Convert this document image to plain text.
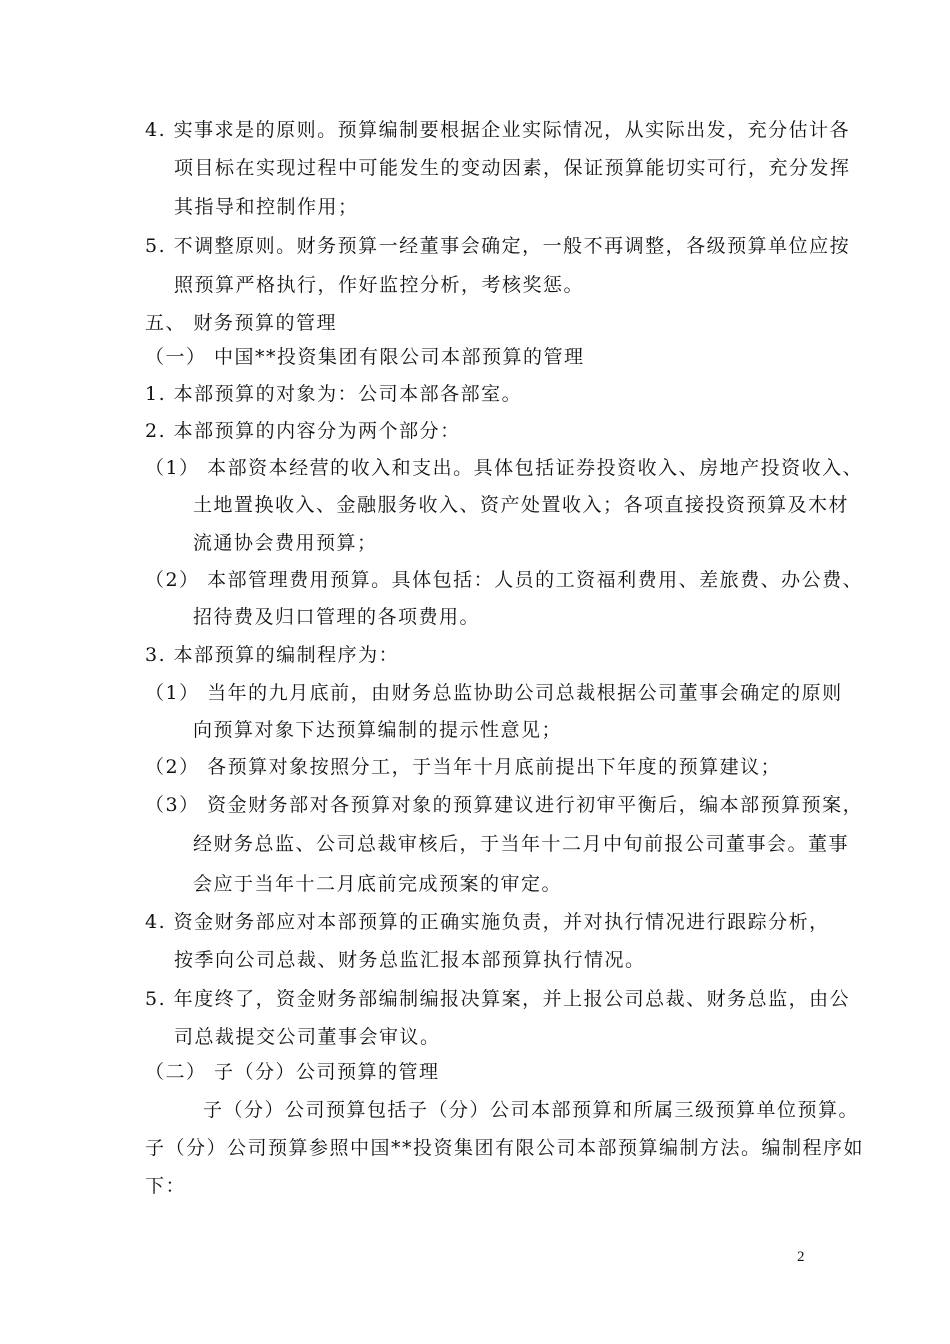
4. 实事求是的原则。预算编制要根据企业实际情况，从实际出发，充分估计各
项目标在实现过程中可能发生的变动因素，保证预算能切实可行，充分发挥
其指导和控制作用；
5. 不调整原则。财务预算一经董事会确定，一般不再调整，各级预算单位应按
照预算严格执行，作好监控分析，考核奖惩。
五、 财务预算的管理
（一） 中国**投资集团有限公司本部预算的管理
1. 本部预算的对象为：公司本部各部室。
2. 本部预算的内容分为两个部分：
（1） 本部资本经营的收入和支出。具体包括证券投资收入、房地产投资收入、
土地置换收入、金融服务收入、资产处置收入；各项直接投资预算及木材
流通协会费用预算；
（2） 本部管理费用预算。具体包括：人员的工资福利费用、差旅费、办公费、
招待费及归口管理的各项费用。
3. 本部预算的编制程序为：
（1） 当年的九月底前，由财务总监协助公司总裁根据公司董事会确定的原则
向预算对象下达预算编制的提示性意见；
（2） 各预算对象按照分工，于当年十月底前提出下年度的预算建议；
（3） 资金财务部对各预算对象的预算建议进行初审平衡后，编本部预算预案，
经财务总监、公司总裁审核后，于当年十二月中旬前报公司董事会。董事
会应于当年十二月底前完成预案的审定。
4. 资金财务部应对本部预算的正确实施负责，并对执行情况进行跟踪分析，
按季向公司总裁、财务总监汇报本部预算执行情况。
5. 年度终了，资金财务部编制编报决算案，并上报公司总裁、财务总监，由公
司总裁提交公司董事会审议。
（二） 子（分）公司预算的管理
子（分）公司预算包括子（分）公司本部预算和所属三级预算单位预算。
子（分）公司预算参照中国**投资集团有限公司本部预算编制方法。编制程序如
下：
2
